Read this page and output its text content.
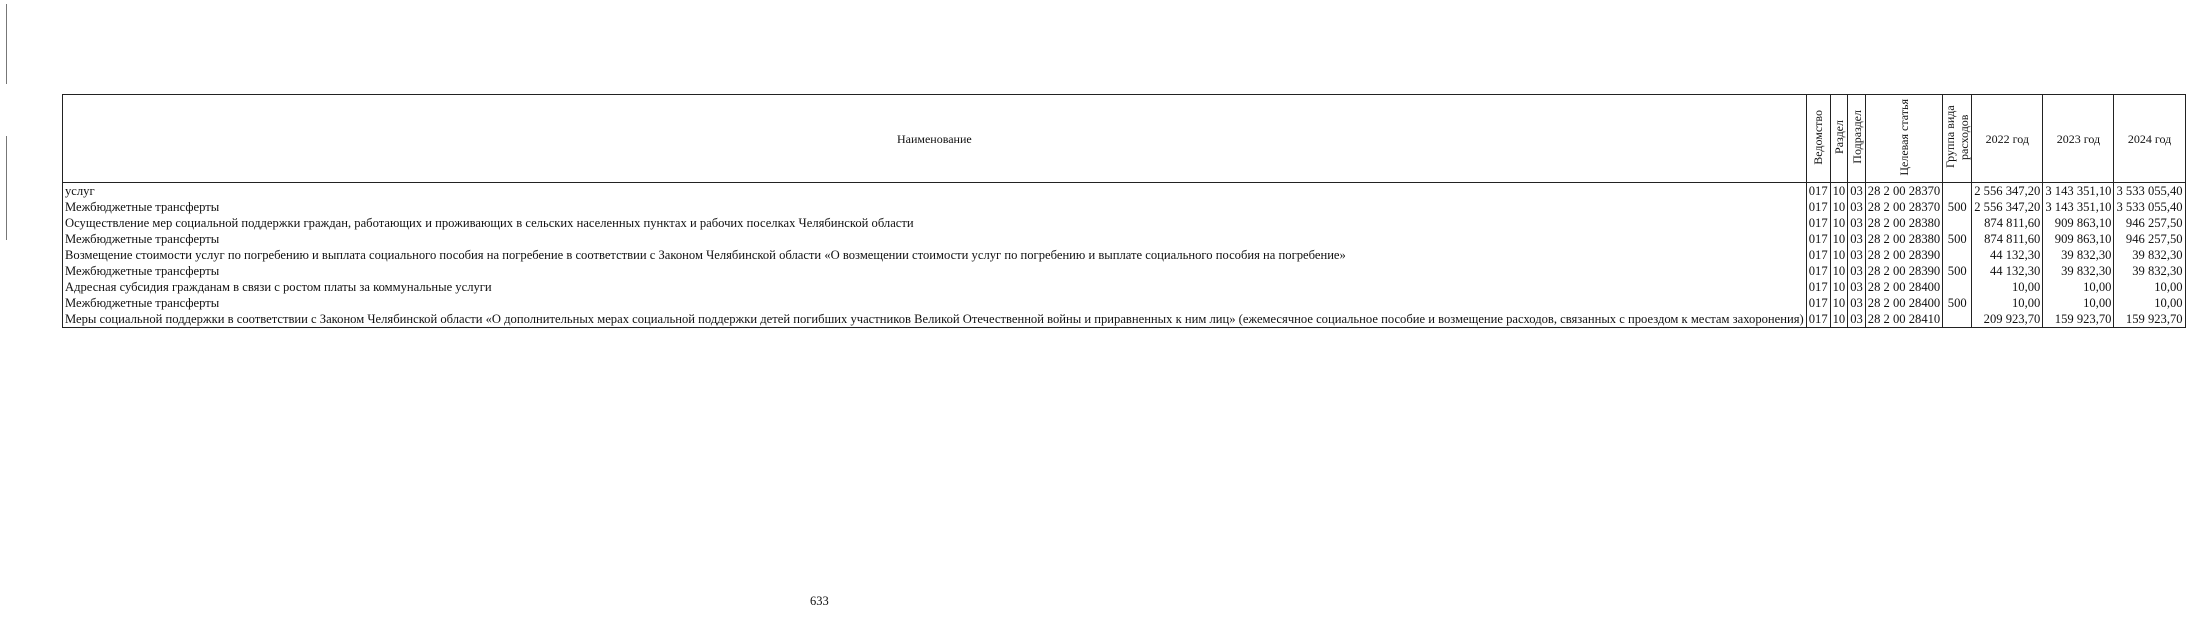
Наименование	Ведомство	Раздел	Подраздел	Целевая статья	Группа вида расходов	2022 год	2023 год	2024 год
услуг	017	10	03	28 2 00 28370		2 556 347,20	3 143 351,10	3 533 055,40
Межбюджетные трансферты	017	10	03	28 2 00 28370	500	2 556 347,20	3 143 351,10	3 533 055,40
Осуществление мер социальной поддержки граждан, работающих и проживающих в сельских населенных пунктах и рабочих поселках Челябинской области	017	10	03	28 2 00 28380		874 811,60	909 863,10	946 257,50
Межбюджетные трансферты	017	10	03	28 2 00 28380	500	874 811,60	909 863,10	946 257,50
Возмещение стоимости услуг по погребению и выплата социального пособия на погребение в соответствии с Законом Челябинской области «О возмещении стоимости услуг по погребению и выплате социального пособия на погребение»	017	10	03	28 2 00 28390		44 132,30	39 832,30	39 832,30
Межбюджетные трансферты	017	10	03	28 2 00 28390	500	44 132,30	39 832,30	39 832,30
Адресная субсидия гражданам в связи с ростом платы за коммунальные услуги	017	10	03	28 2 00 28400		10,00	10,00	10,00
Межбюджетные трансферты	017	10	03	28 2 00 28400	500	10,00	10,00	10,00
Меры социальной поддержки в соответствии с Законом Челябинской области «О дополнительных мерах социальной поддержки детей погибших участников Великой Отечественной войны и приравненных к ним лиц» (ежемесячное социальное пособие и возмещение расходов, связанных с проездом к местам захоронения)	017	10	03	28 2 00 28410		209 923,70	159 923,70	159 923,70
633
